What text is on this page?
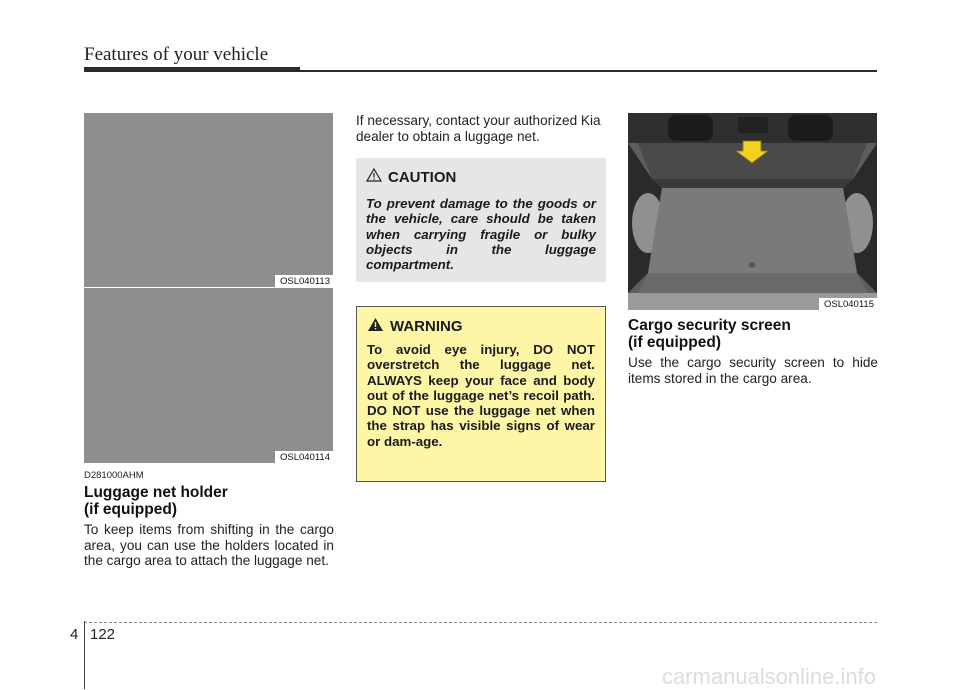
Features of your vehicle
OSL040113
OSL040114
D281000AHM
Luggage net holder
(if equipped)

To keep items from shifting in the cargo area, you can use the holders located in the cargo area to attach the luggage net.

If necessary, contact your authorized Kia dealer to obtain a luggage net.

CAUTION

To prevent damage to the goods or the vehicle, care should be taken when carrying fragile or bulky objects in the luggage compartment.

WARNING

To avoid eye injury, DO NOT overstretch the luggage net. ALWAYS keep your face and body out of the luggage net’s recoil path. DO NOT use the luggage net when the strap has visible signs of wear or dam-age.

OSL040115
Cargo security screen
(if equipped)

Use the cargo security screen to hide items stored in the cargo area.

4 122
carmanualsonline.info
